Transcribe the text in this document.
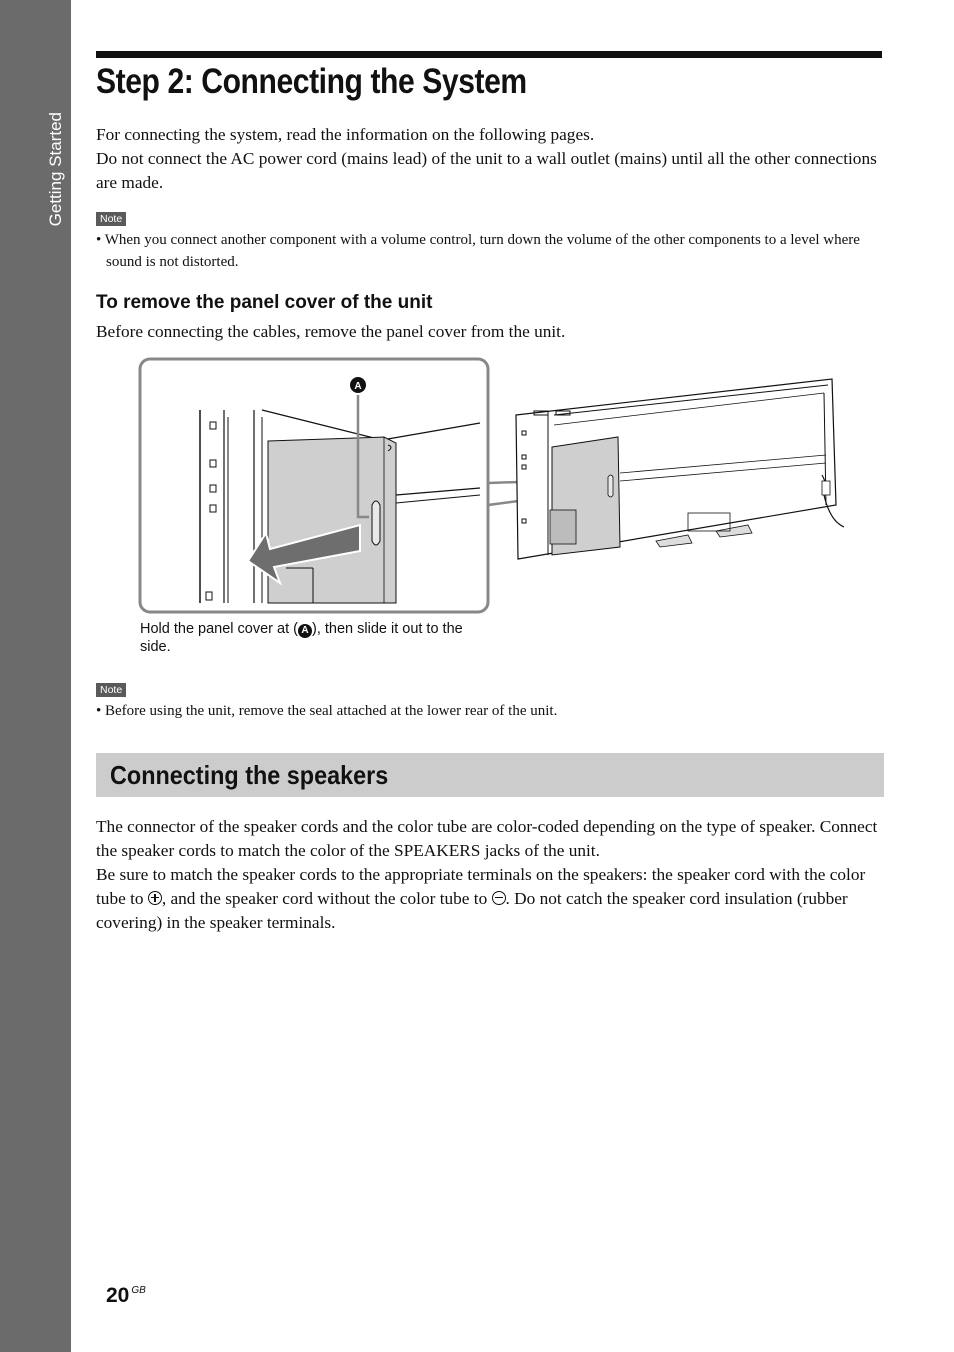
Getting Started
Step 2: Connecting the System

For connecting the system, read the information on the following pages.

Do not connect the AC power cord (mains lead) of the unit to a wall outlet (mains) until all the other connections are made.

Note

• When you connect another component with a volume control, turn down the volume of the other components to a level where sound is not distorted.

To remove the panel cover of the unit

Before connecting the cables, remove the panel cover from the unit.

A

Hold the panel cover at ( A ), then slide it out to the side.

Note

• Before using the unit, remove the seal attached at the lower rear of the unit.

Connecting the speakers

The connector of the speaker cords and the color tube are color-coded depending on the type of speaker. Connect the speaker cords to match the color of the SPEAKERS jacks of the unit.

Be sure to match the speaker cords to the appropriate terminals on the speakers: the speaker cord with the color tube to , and the speaker cord without the color tube to . Do not catch the speaker cord insulation (rubber covering) in the speaker terminals.

20 $^{GB}$
